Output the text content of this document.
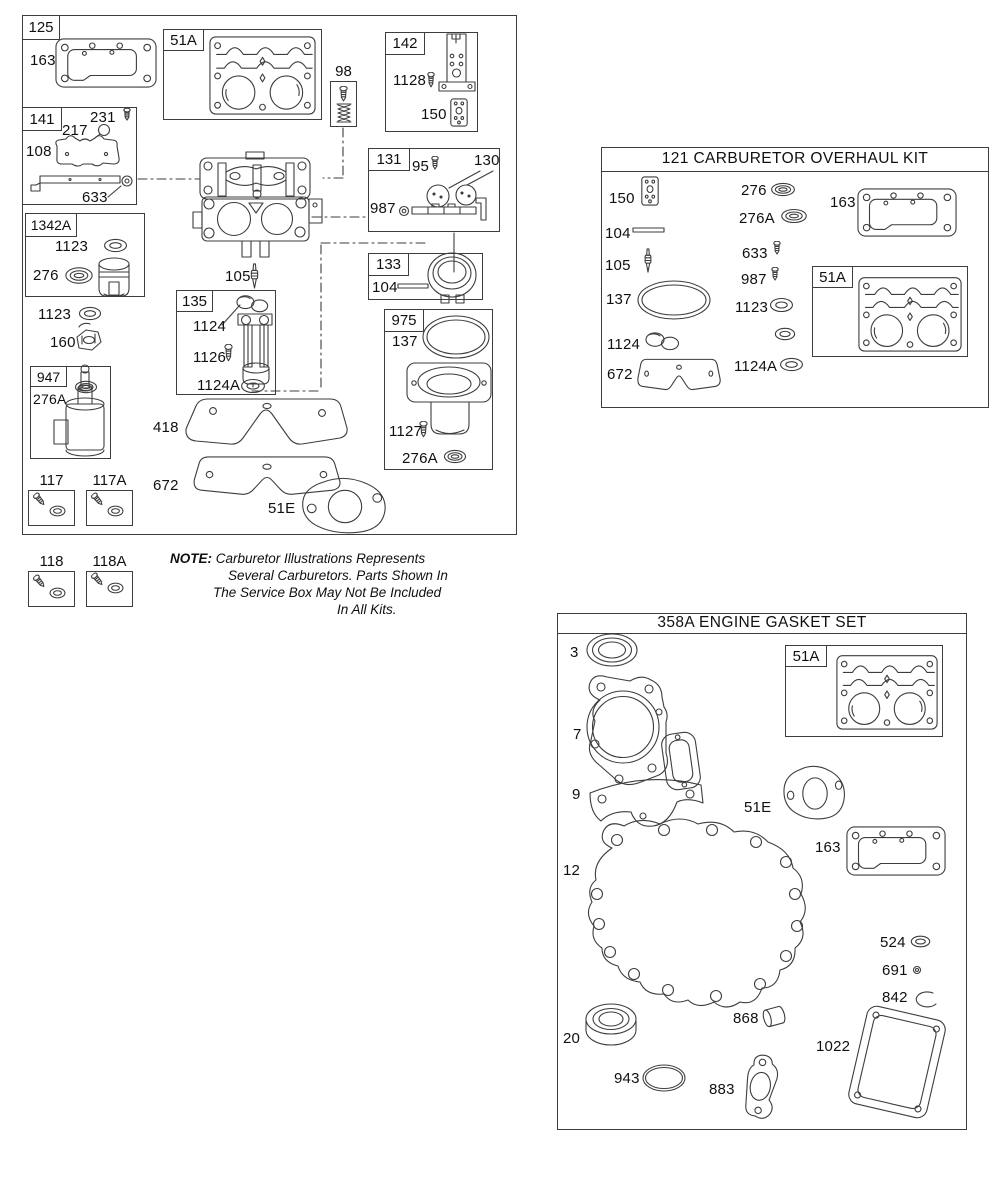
125
163
51A
98
141	231
217
108
633
142
1128
150
1342A
1123
276
1123
160
947
276A
117	117A
131 95	130
987
133
104
135
1124
1126
1124A
105
975
137
1127
276A
418
672
51E
118	118A	NOTE: Carburetor Illustrations Represents
Several Carburetors. Parts Shown In
The Service Box May Not Be Included
In All Kits.
121 CARBURETOR OVERHAUL KIT
150
104
105
137
1124
672
276
276A
633
987
1123
1124A
163
51A
358A ENGINE GASKET SET
3	51A
7
9
51E
163
12
524
691
842
868
20	1022
943
883
